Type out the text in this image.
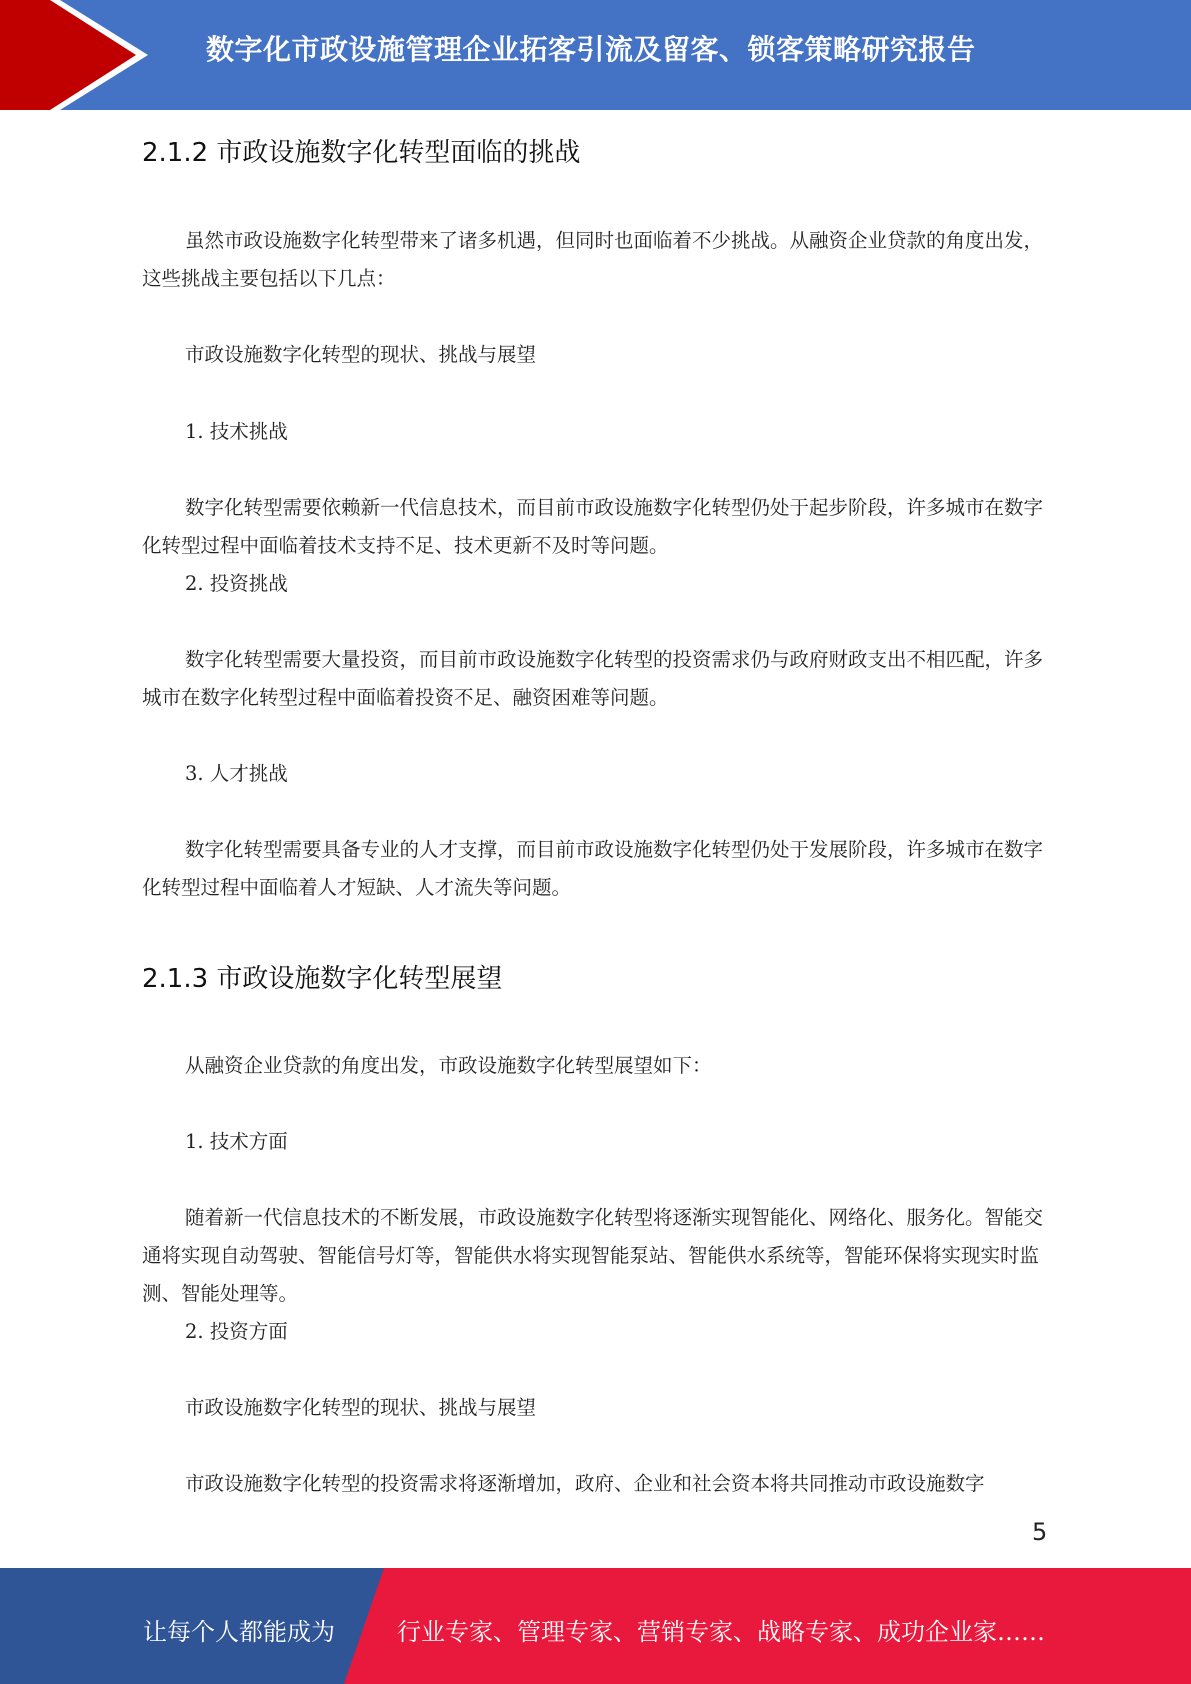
数字化市政设施管理企业拓客引流及留客、锁客策略研究报告
2.1.2 市政设施数字化转型面临的挑战
虽然市政设施数字化转型带来了诸多机遇，但同时也面临着不少挑战。从融资企业贷款的角度出发，这些挑战主要包括以下几点：
市政设施数字化转型的现状、挑战与展望
1. 技术挑战
数字化转型需要依赖新一代信息技术，而目前市政设施数字化转型仍处于起步阶段，许多城市在数字化转型过程中面临着技术支持不足、技术更新不及时等问题。
2. 投资挑战
数字化转型需要大量投资，而目前市政设施数字化转型的投资需求仍与政府财政支出不相匹配，许多城市在数字化转型过程中面临着投资不足、融资困难等问题。
3. 人才挑战
数字化转型需要具备专业的人才支撑，而目前市政设施数字化转型仍处于发展阶段，许多城市在数字化转型过程中面临着人才短缺、人才流失等问题。
2.1.3 市政设施数字化转型展望
从融资企业贷款的角度出发，市政设施数字化转型展望如下：
1. 技术方面
随着新一代信息技术的不断发展，市政设施数字化转型将逐渐实现智能化、网络化、服务化。智能交通将实现自动驾驶、智能信号灯等，智能供水将实现智能泵站、智能供水系统等，智能环保将实现实时监测、智能处理等。
2. 投资方面
市政设施数字化转型的现状、挑战与展望
市政设施数字化转型的投资需求将逐渐增加，政府、企业和社会资本将共同推动市政设施数字
5
让每个人都能成为	行业专家、管理专家、营销专家、战略专家、成功企业家……
